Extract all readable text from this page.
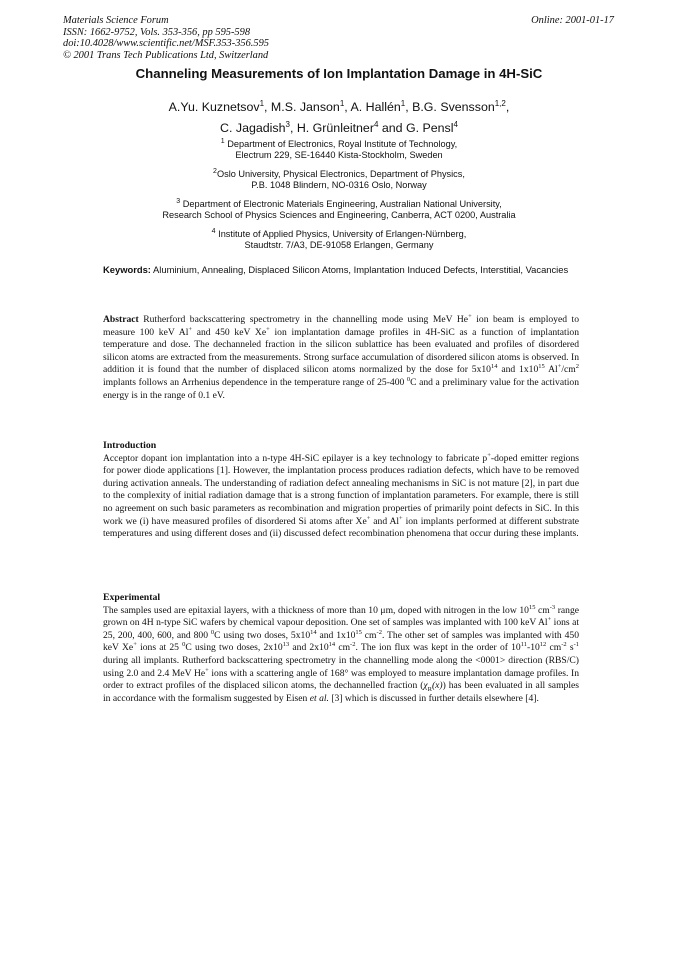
Materials Science Forum
ISSN: 1662-9752, Vols. 353-356, pp 595-598
doi:10.4028/www.scientific.net/MSF.353-356.595
© 2001 Trans Tech Publications Ltd, Switzerland
Online: 2001-01-17
Channeling Measurements of Ion Implantation Damage in 4H-SiC
A.Yu. Kuznetsov$^1$, M.S. Janson$^1$, A. Hallén$^1$, B.G. Svensson$^{1,2}$,
C. Jagadish$^3$, H. Grünleitner$^4$ and G. Pensl$^4$
$^1$ Department of Electronics, Royal Institute of Technology,
Electrum 229, SE-16440 Kista-Stockholm, Sweden
$^2$Oslo University, Physical Electronics, Department of Physics,
P.B. 1048 Blindern, NO-0316 Oslo, Norway
$^3$ Department of Electronic Materials Engineering, Australian National University,
Research School of Physics Sciences and Engineering, Canberra, ACT 0200, Australia
$^4$ Institute of Applied Physics, University of Erlangen-Nürnberg,
Staudtstr. 7/A3, DE-91058 Erlangen, Germany
Keywords: Aluminium, Annealing, Displaced Silicon Atoms, Implantation Induced Defects, Interstitial, Vacancies

Abstract Rutherford backscattering spectrometry in the channelling mode using MeV He+ ion beam is employed to measure 100 keV Al+ and 450 keV Xe+ ion implantation damage profiles in 4H-SiC as a function of implantation temperature and dose. The dechanneled fraction in the silicon sublattice has been evaluated and profiles of disordered silicon atoms are extracted from the measurements. Strong surface accumulation of disordered silicon atoms is observed. In addition it is found that the number of displaced silicon atoms normalized by the dose for $5x10^{14}$ and $1x10^{15}$ $Al^+/cm^2$ implants follows an Arrhenius dependence in the temperature range of 25-400 $^0$C and a preliminary value for the activation energy is in the range of 0.1 eV.

Introduction

Acceptor dopant ion implantation into a n-type 4H-SiC epilayer is a key technology to fabricate p+-doped emitter regions for power diode applications [1]. However, the implantation process produces radiation defects, which have to be removed during activation anneals. The understanding of radiation defect annealing mechanisms in SiC is not mature [2], in part due to the complexity of initial radiation damage that is a strong function of implantation parameters. For example, there is still no agreement on such basic parameters as recombination and migration properties of primarily point defects in SiC. In this work we (i) have measured profiles of disordered Si atoms after Xe+ and Al+ ion implants performed at different substrate temperatures and using different doses and (ii) discussed defect recombination phenomena that occur during these implants.

Experimental

The samples used are epitaxial layers, with a thickness of more than 10 μm, doped with nitrogen in the low $10^{15}$ $cm^{-3}$ range grown on 4H n-type SiC wafers by chemical vapour deposition. One set of samples was implanted with 100 keV Al+ ions at 25, 200, 400, 600, and 800 $^0$C using two doses, $5x10^{14}$ and $1x10^{15}$ $cm^{-2}$. The other set of samples was implanted with 450 keV Xe+ ions at 25 $^0$C using two doses, $2x10^{13}$ and $2x10^{14}$ $cm^{-2}$. The ion flux was kept in the order of $10^{11}-10^{12}$ $cm^{-2}$ $s^{-1}$ during all implants. Rutherford backscattering spectrometry in the channelling mode along the <0001> direction (RBS/C) using 2.0 and 2.4 MeV He+ ions with a scattering angle of 168° was employed to measure implantation damage profiles. In order to extract profiles of the displaced silicon atoms, the dechannelled fraction $(\chi_R(x))$ has been evaluated in all samples in accordance with the formalism suggested by Eisen et al. [3] which is discussed in further details elsewhere [4].
